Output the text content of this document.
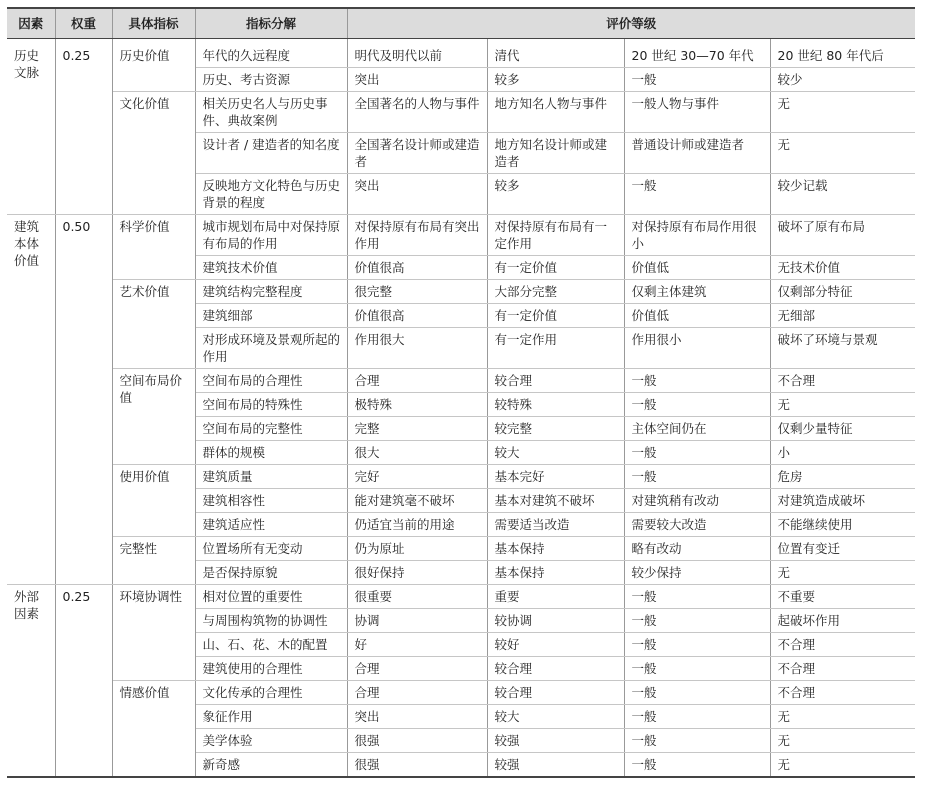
因素	权重	具体指标	指标分解	评价等级			
历史文脉	0.25	历史价值	年代的久远程度	明代及明代以前	清代	20 世纪 30—70 年代	20 世纪 80 年代后
			历史、考古资源	突出	较多	一般	较少
		文化价值	相关历史名人与历史事件、典故案例	全国著名的人物与事件	地方知名人物与事件	一般人物与事件	无
			设计者 / 建造者的知名度	全国著名设计师或建造者	地方知名设计师或建造者	普通设计师或建造者	无
			反映地方文化特色与历史背景的程度	突出	较多	一般	较少记载
建筑本体价值	0.50	科学价值	城市规划布局中对保持原有布局的作用	对保持原有布局有突出作用	对保持原有布局有一定作用	对保持原有布局作用很小	破坏了原有布局
			建筑技术价值	价值很高	有一定价值	价值低	无技术价值
		艺术价值	建筑结构完整程度	很完整	大部分完整	仅剩主体建筑	仅剩部分特征
			建筑细部	价值很高	有一定价值	价值低	无细部
			对形成环境及景观所起的作用	作用很大	有一定作用	作用很小	破坏了环境与景观
		空间布局价值	空间布局的合理性	合理	较合理	一般	不合理
			空间布局的特殊性	极特殊	较特殊	一般	无
			空间布局的完整性	完整	较完整	主体空间仍在	仅剩少量特征
			群体的规模	很大	较大	一般	小
		使用价值	建筑质量	完好	基本完好	一般	危房
			建筑相容性	能对建筑毫不破坏	基本对建筑不破坏	对建筑稍有改动	对建筑造成破坏
			建筑适应性	仍适宜当前的用途	需要适当改造	需要较大改造	不能继续使用
		完整性	位置场所有无变动	仍为原址	基本保持	略有改动	位置有变迁
			是否保持原貌	很好保持	基本保持	较少保持	无
外部因素	0.25	环境协调性	相对位置的重要性	很重要	重要	一般	不重要
			与周围构筑物的协调性	协调	较协调	一般	起破坏作用
			山、石、花、木的配置	好	较好	一般	不合理
			建筑使用的合理性	合理	较合理	一般	不合理
		情感价值	文化传承的合理性	合理	较合理	一般	不合理
			象征作用	突出	较大	一般	无
			美学体验	很强	较强	一般	无
			新奇感	很强	较强	一般	无
